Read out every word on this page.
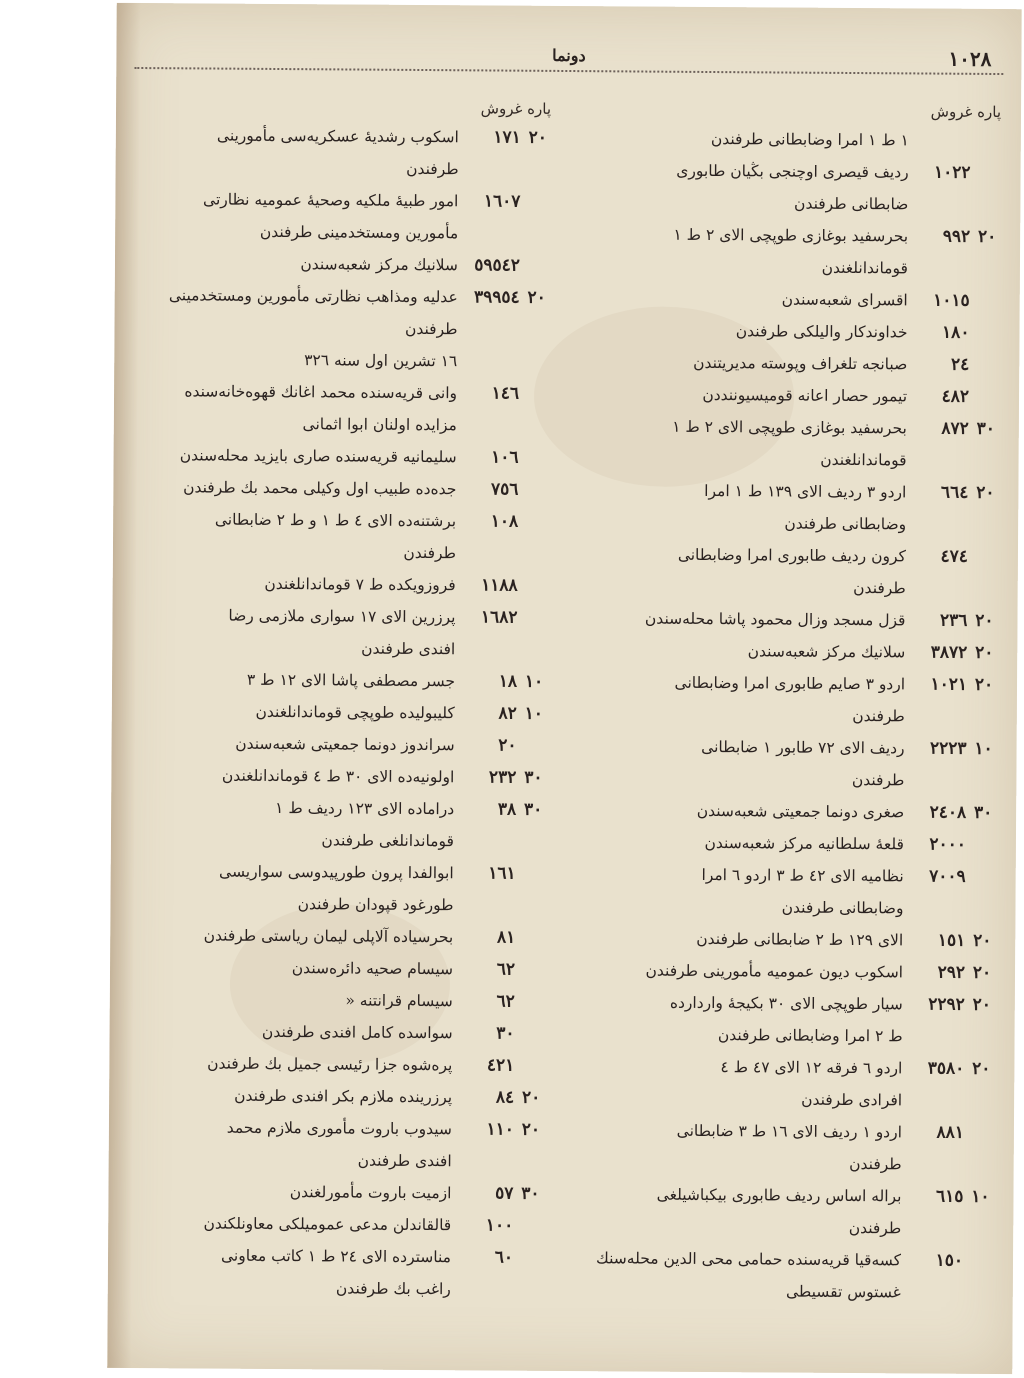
١٠٢٨
دونما
پاره غروش
١ ط ١ امرا وضابطانى طرفندن
١٠٢٢
رديف قيصرى اوچنجى بڭيان طابورى
ضابطانى طرفندن
٢٠
٩٩٢
بحرسفيد بوغازى طوپچى الاى ٢ ط ١
قوماندانلغندن
١٠١٥
اقسراى شعبه‌سندن
١٨٠
خداوندكار واليلكى طرفندن
٢٤
صبانجه تلغراف وپوسته مديريتندن
٤٨٢
تيمور حصار اعانه قوميسيوننددن
٣٠
٨٧٢
بحرسفيد بوغازى طوپچى الاى ٢ ط ١
قوماندانلغندن
٢٠
٦٦٤
اردو ٣ رديف الاى ١٣٩ ط ١ امرا
وضابطانى طرفندن
٤٧٤
كرون رديف طابورى امرا وضابطانى
طرفندن
٢٠
٢٣٦
قزل مسجد وزال محمود پاشا محله‌سندن
٢٠
٣٨٧٢
سلانيك مركز شعبه‌سندن
٢٠
١٠٢١
اردو ٣ صايم طابورى امرا وضابطانى
طرفندن
١٠
٢٢٢٣
رديف الاى ٧٢ طابور ١ ضابطانى
طرفندن
٣٠
٢٤٠٨
صغرى دونما جمعيتى شعبه‌سندن
٢٠٠٠
قلعهٔ سلطانيه مركز شعبه‌سندن
٧٠٠٩
نظاميه الاى ٤٢ ط ٣ اردو ٦ امرا
وضابطانى طرفندن
٢٠
١٥١
الاى ١٢٩ ط ٢ ضابطانى طرفندن
٢٠
٢٩٢
اسكوب ديون عموميه مأمورينى طرفندن
٢٠
٢٢٩٢
سيار طوپچى الاى ٣٠ بكيجهٔ واردارده
ط ٢ امرا وضابطانى طرفندن
٢٠
٣٥٨٠
اردو ٦ فرقه ١٢ الاى ٤٧ ط ٤
افرادى طرفندن
٨٨١
اردو ١ رديف الاى ١٦ ط ٣ ضابطانى
طرفندن
١٠
٦١٥
براله اساس رديف طابورى بيكباشيلغى
طرفندن
١٥٠
كسه‌قيا قريه‌سنده حمامى محى الدين محله‌سنك
غستوس تقسيطى
پاره غروش
٢٠
١٧١
اسكوب رشديهٔ عسكريه‌سى مأمورينى
طرفندن
١٦٠٧
امور طبيهٔ ملكيه وصحيهٔ عموميه نظارتى
مأمورين ومستخدمينى طرفندن
٥٩٥٤٢
سلانيك مركز شعبه‌سندن
٢٠
٣٩٩٥٤
عدليه ومذاهب نظارتى مأمورين ومستخدمينى
طرفندن
١٦ تشرين اول سنه ٣٢٦
١٤٦
وانى قريه‌سنده محمد اغانك قهوه‌خانه‌سنده
مزايده اولنان ابوا اثمانى
١٠٦
سليمانيه قريه‌سنده صارى بايزيد محله‌سندن
٧٥٦
جده‌ده طبيب اول وكيلى محمد بك طرفندن
١٠٨
برشتنه‌ده الاى ٤ ط ١ و ط ٢ ضابطانى
طرفندن
١١٨٨
فروزويكده ط ٧ قوماندانلغندن
١٦٨٢
پرزرين الاى ١٧ سوارى ملازمى رضا
افندى طرفندن
١٠
١٨
جسر مصطفى پاشا الاى ١٢ ط ٣
١٠
٨٢
كليبوليده طوپچى قوماندانلغندن
٢٠
سراندوز دونما جمعيتى شعبه‌سندن
٣٠
٢٣٢
اولونيه‌ده الاى ٣٠ ط ٤ قوماندانلغندن
٣٠
٣٨
دراما‌ده الاى ١٢٣ رديف ط ١
قوماندانلغى طرفندن
١٦١
ابوالفدا پرون طورپيدوسى سواريسى
طورغود قپودان طرفندن
٨١
بحرسياده آلاپلى ليمان رياستى طرفندن
٦٢
سيسام صحيه دائره‌سندن
٦٢
سيسام قرانتنه «
٣٠
سواسده كامل افندى طرفندن
٤٢١
پره‌شوه جزا رئيسى جميل بك طرفندن
٢٠
٨٤
پرزرينده ملازم بكر افندى طرفندن
٢٠
١١٠
سيدوب باروت مأمورى ملازم محمد
افندى طرفندن
٣٠
٥٧
ازميت باروت مأمورلغندن
١٠٠
قالقاندلن مدعى عموميلكى معاونلكندن
٦٠
مناسترده الاى ٢٤ ط ١ كاتب معاونى
راغب بك طرفندن
